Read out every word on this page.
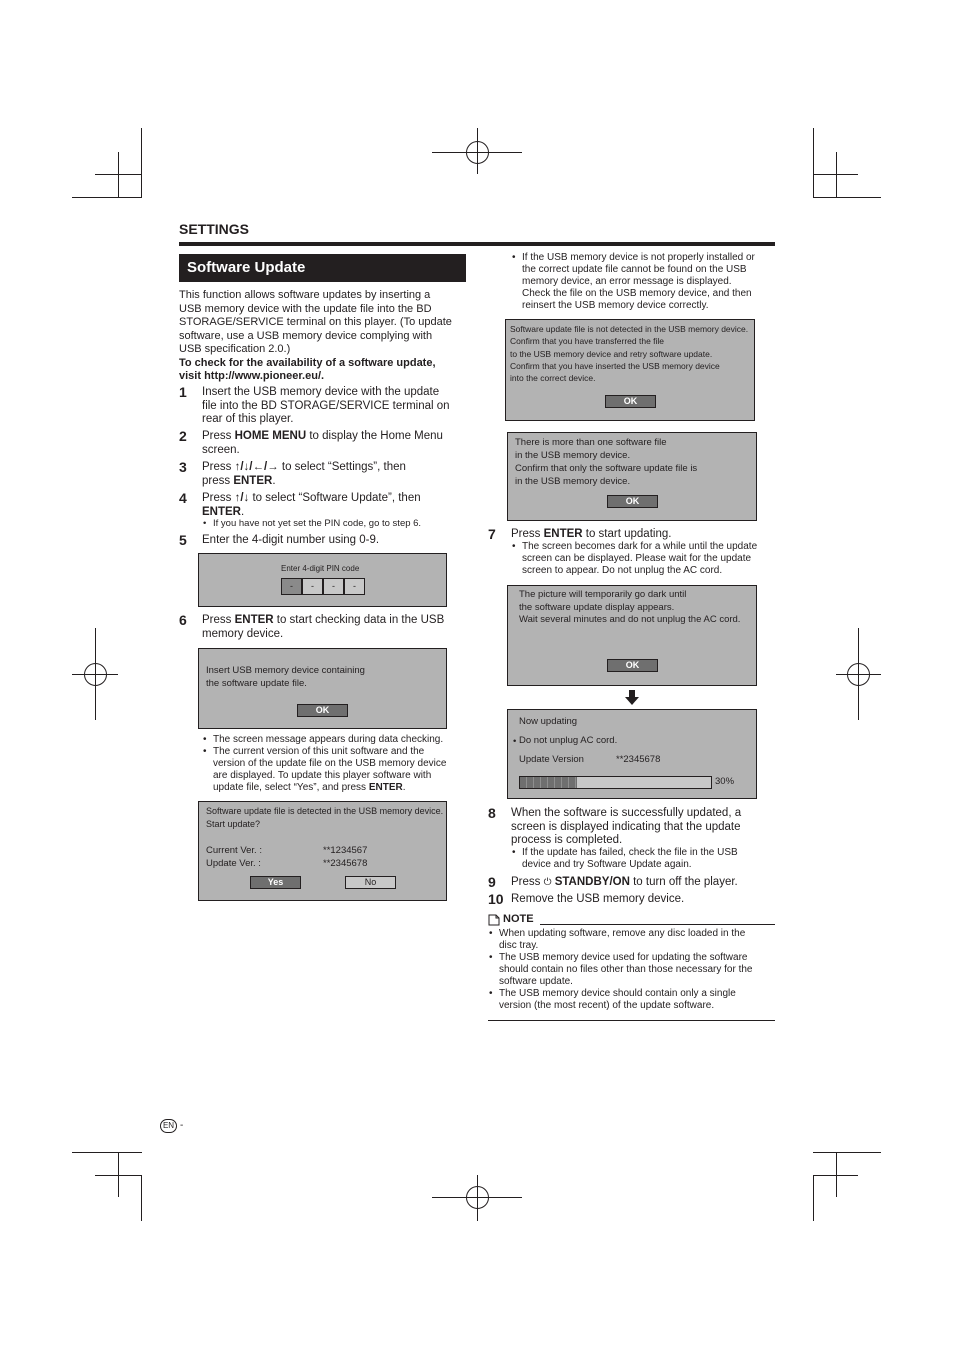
SETTINGS
Software Update
This function allows software updates by inserting a
USB memory device with the update file into the BD
STORAGE/SERVICE terminal on this player. (To update
software, use a USB memory device complying with
USB specification 2.0.)
To check for the availability of a software update,
visit http://www.pioneer.eu/.
1 Insert the USB memory device with the update
file into the BD STORAGE/SERVICE terminal on
rear of this player.
2 Press HOME MENU to display the Home Menu
screen.
3 Press ↑/↓/←/→ to select “Settings”, then
press ENTER.
4 Press ↑/↓ to select “Software Update”, then
ENTER.
• If you have not yet set the PIN code, go to step 6.
5 Enter the 4-digit number using 0-9.
Enter 4-digit PIN code
-	-	-	-
6 Press ENTER to start checking data in the USB
memory device.
Insert USB memory device containing
the software update file.
OK
• The screen message appears during data checking.
• The current version of this unit software and the
version of the update file on the USB memory device
are displayed. To update this player software with
update file, select “Yes”, and press ENTER.
Software update file is detected in the USB memory device.
Start update?
Current Ver. :	**1234567
Update Ver. :	**2345678
Yes	No
• If the USB memory device is not properly installed or
the correct update file cannot be found on the USB
memory device, an error message is displayed.
Check the file on the USB memory device, and then
reinsert the USB memory device correctly.
Software update file is not detected in the USB memory device.
Confirm that you have transferred the file
to the USB memory device and retry software update.
Confirm that you have inserted the USB memory device
into the correct device.
OK
There is more than one software file
in the USB memory device.
Confirm that only the software update file is
in the USB memory device.
OK
7 Press ENTER to start updating.
• The screen becomes dark for a while until the update
screen can be displayed. Please wait for the update
screen to appear. Do not unplug the AC cord.
The picture will temporarily go dark until
the software update display appears.
Wait several minutes and do not unplug the AC cord.
OK
Now updating
• Do not unplug AC cord.
Update Version	**2345678
30%
8 When the software is successfully updated, a
screen is displayed indicating that the update
process is completed.
• If the update has failed, check the file in the USB
device and try Software Update again.
9 Press ⏻ STANDBY/ON to turn off the player.
10 Remove the USB memory device.
NOTE
• When updating software, remove any disc loaded in the
disc tray.
• The USB memory device used for updating the software
should contain no files other than those necessary for the
software update.
• The USB memory device should contain only a single
version (the most recent) of the update software.
EN -
